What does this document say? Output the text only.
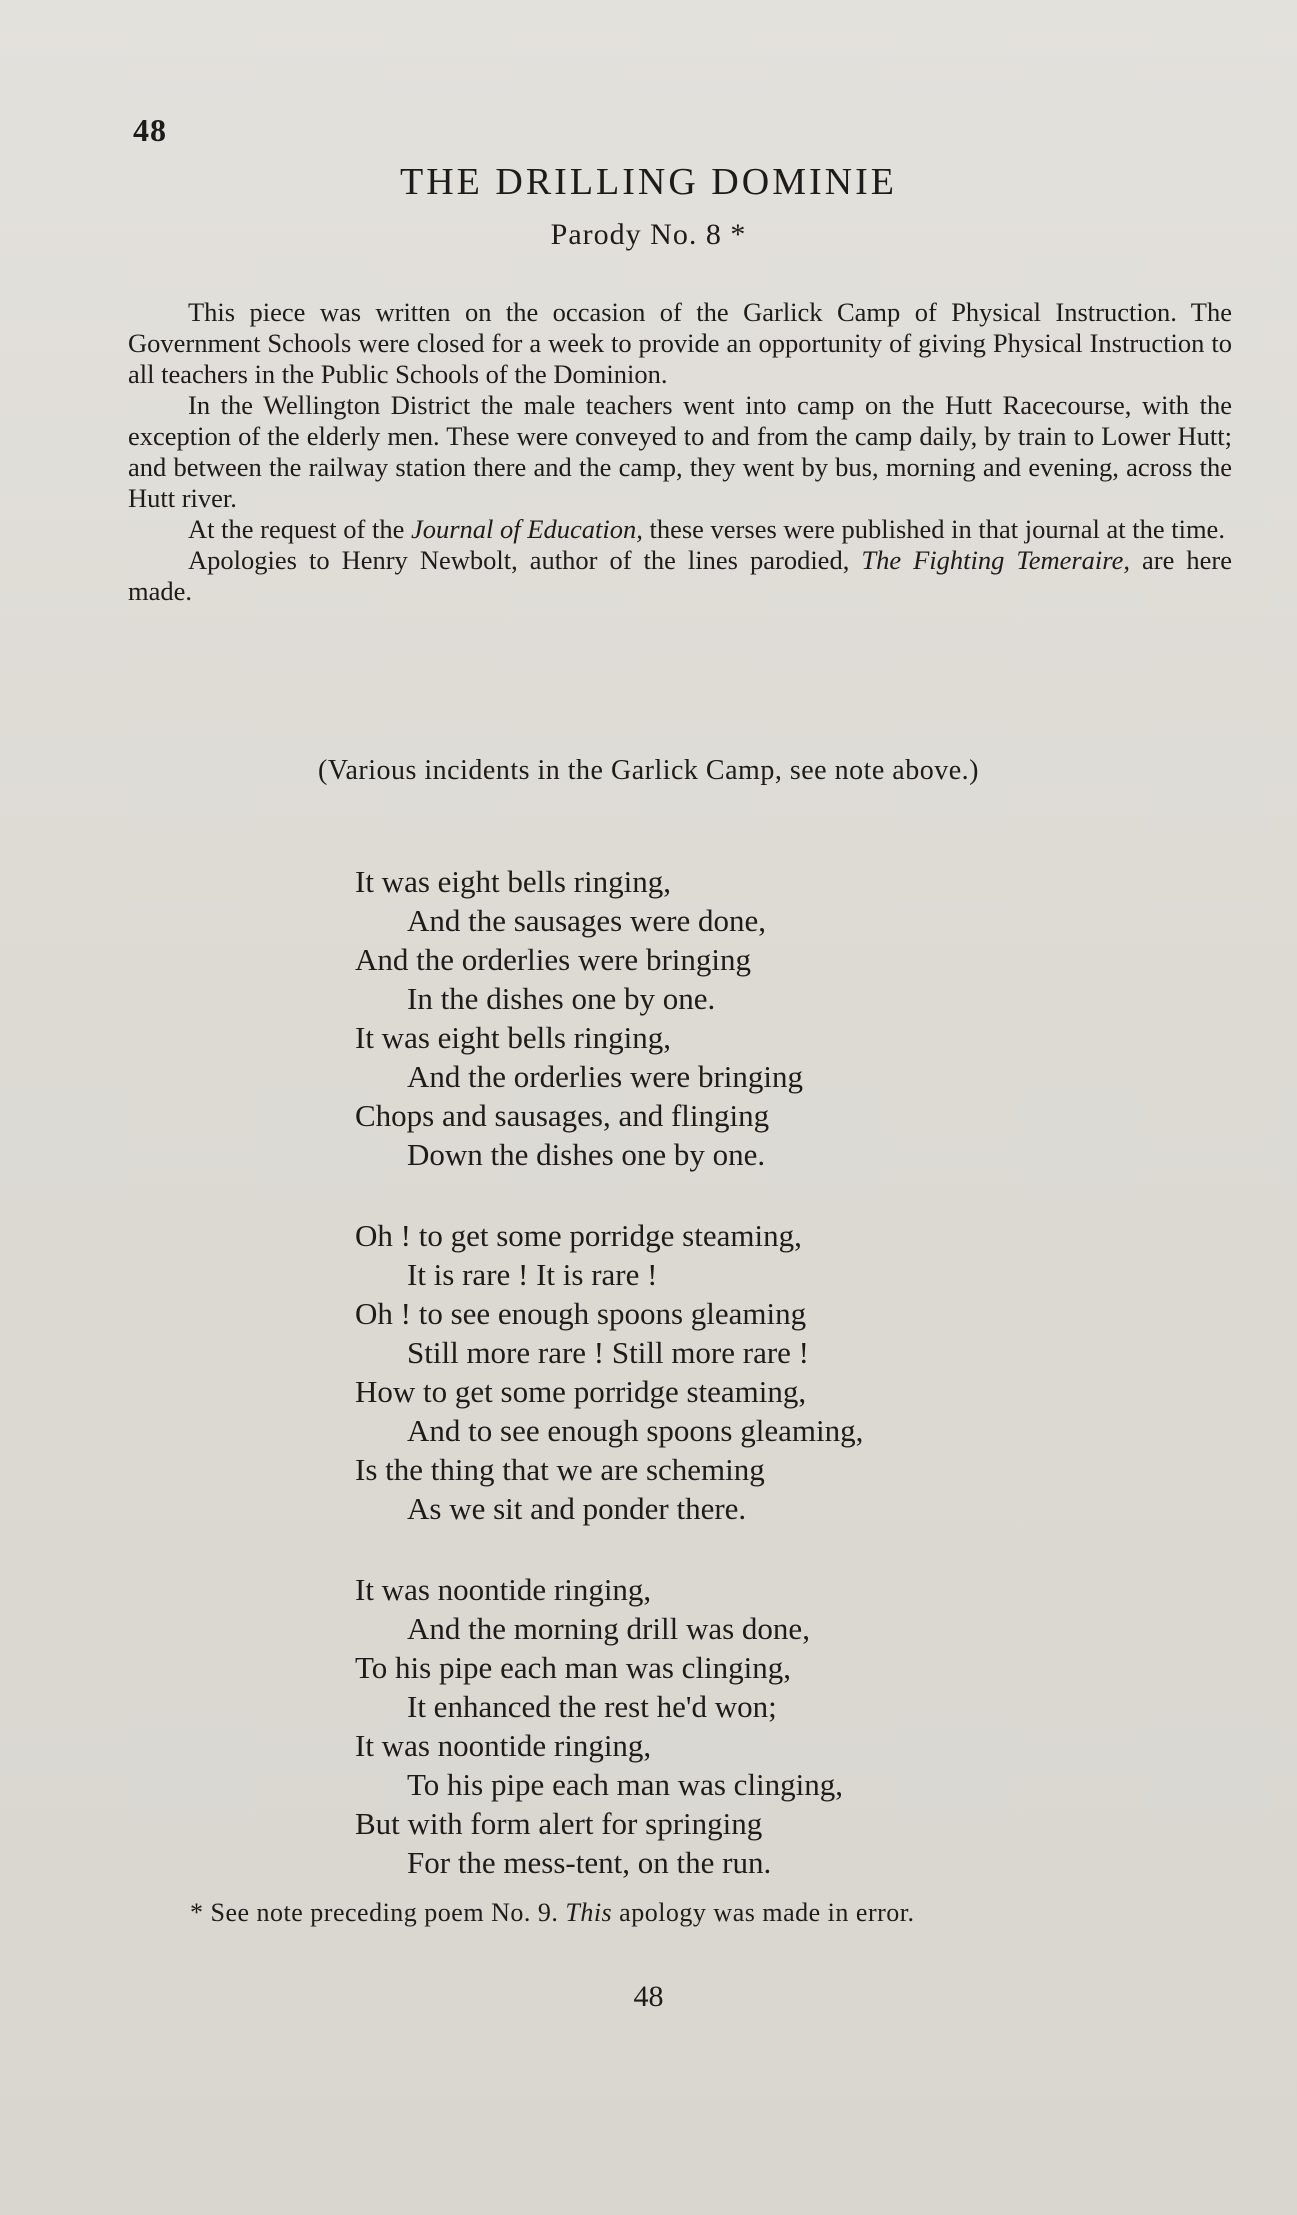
48
THE DRILLING DOMINIE
Parody No. 8 *

This piece was written on the occasion of the Garlick Camp of Physical Instruction. The Government Schools were closed for a week to provide an opportunity of giving Physical Instruction to all teachers in the Public Schools of the Dominion.

In the Wellington District the male teachers went into camp on the Hutt Racecourse, with the exception of the elderly men. These were conveyed to and from the camp daily, by train to Lower Hutt; and between the railway station there and the camp, they went by bus, morning and evening, across the Hutt river.

At the request of the Journal of Education, these verses were published in that journal at the time.

Apologies to Henry Newbolt, author of the lines parodied, The Fighting Temeraire, are here made.

(Various incidents in the Garlick Camp, see note above.)
It was eight bells ringing,
And the sausages were done,
And the orderlies were bringing
In the dishes one by one.
It was eight bells ringing,
And the orderlies were bringing
Chops and sausages, and flinging
Down the dishes one by one.
Oh ! to get some porridge steaming,
It is rare ! It is rare !
Oh ! to see enough spoons gleaming
Still more rare ! Still more rare !
How to get some porridge steaming,
And to see enough spoons gleaming,
Is the thing that we are scheming
As we sit and ponder there.
It was noontide ringing,
And the morning drill was done,
To his pipe each man was clinging,
It enhanced the rest he'd won;
It was noontide ringing,
To his pipe each man was clinging,
But with form alert for springing
For the mess-tent, on the run.
* See note preceding poem No. 9. This apology was made in error.
48
